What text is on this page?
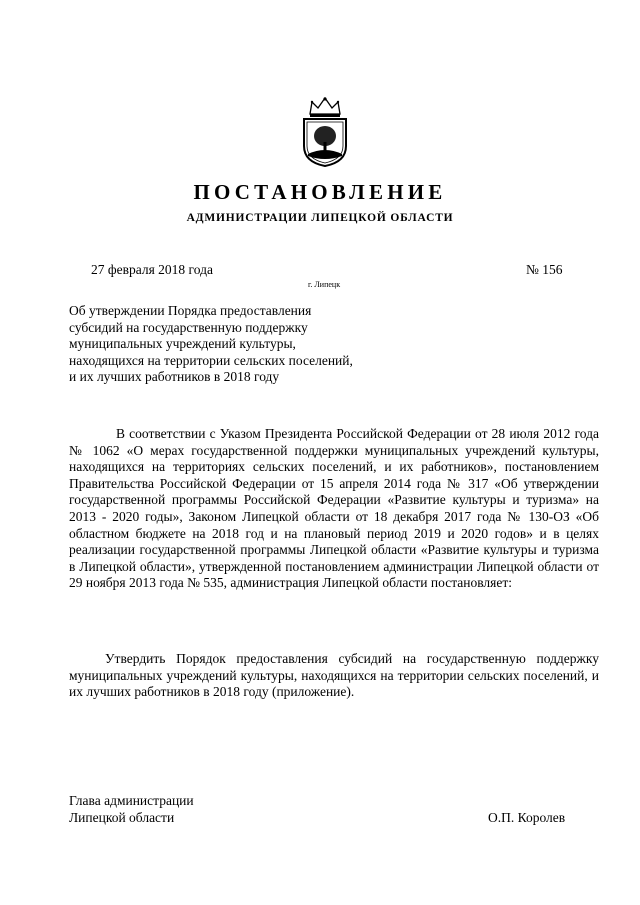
ПОСТАНОВЛЕНИЕ
АДМИНИСТРАЦИИ ЛИПЕЦКОЙ ОБЛАСТИ
27 февраля 2018 года	№ 156
г. Липецк
Об утверждении Порядка предоставления
субсидий на государственную поддержку
муниципальных учреждений культуры,
находящихся на территории сельских поселений,
и их лучших работников в 2018 году

В соответствии с Указом Президента Российской Федерации от 28 июля 2012 года № 1062 «О мерах государственной поддержки муниципальных учреждений культуры, находящихся на территориях сельских поселений, и их работников», постановлением Правительства Российской Федерации от 15 апреля 2014 года № 317 «Об утверждении государственной программы Российской Федерации «Развитие культуры и туризма» на 2013 - 2020 годы», Законом Липецкой области от 18 декабря 2017 года № 130-ОЗ «Об областном бюджете на 2018 год и на плановый период 2019 и 2020 годов» и в целях реализации государственной программы Липецкой области «Развитие культуры и туризма в Липецкой области», утвержденной постановлением администрации Липецкой области от 29 ноября 2013 года № 535, администрация Липецкой области постановляет:

Утвердить Порядок предоставления субсидий на государственную поддержку муниципальных учреждений культуры, находящихся на территории сельских поселений, и их лучших работников в 2018 году (приложение).

Глава администрации
Липецкой области	О.П. Королев
